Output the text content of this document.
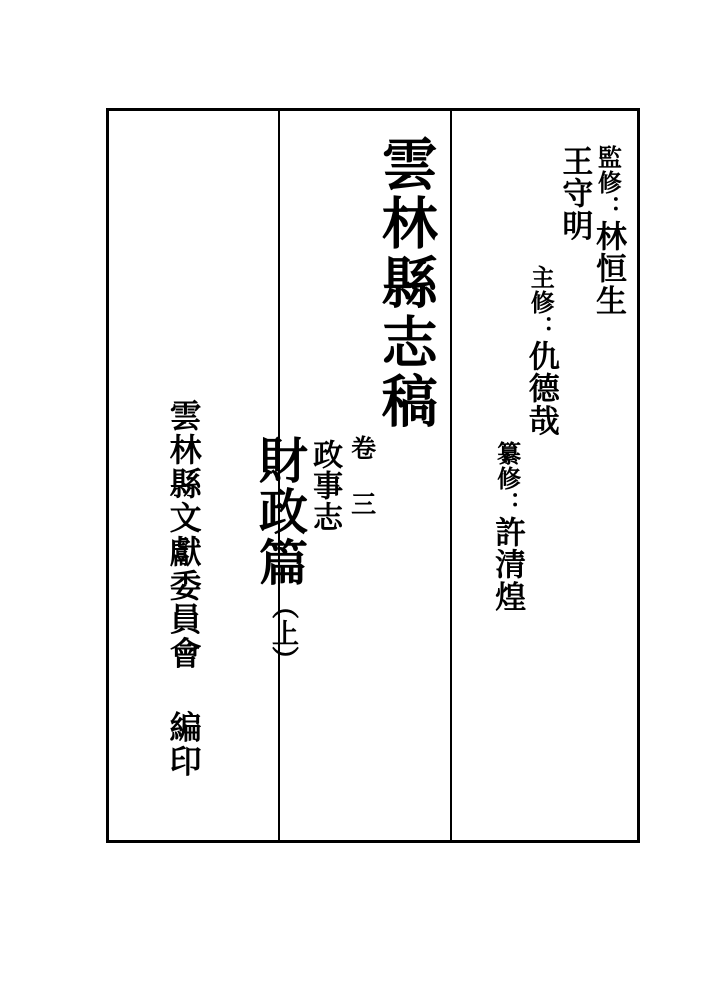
纂修：
許清煌
主修：
仇德哉
王守明 監修：
林恒生
雲林縣志稿
卷 三
政事志
財政篇
（上）
雲林縣文獻委員會 編印
